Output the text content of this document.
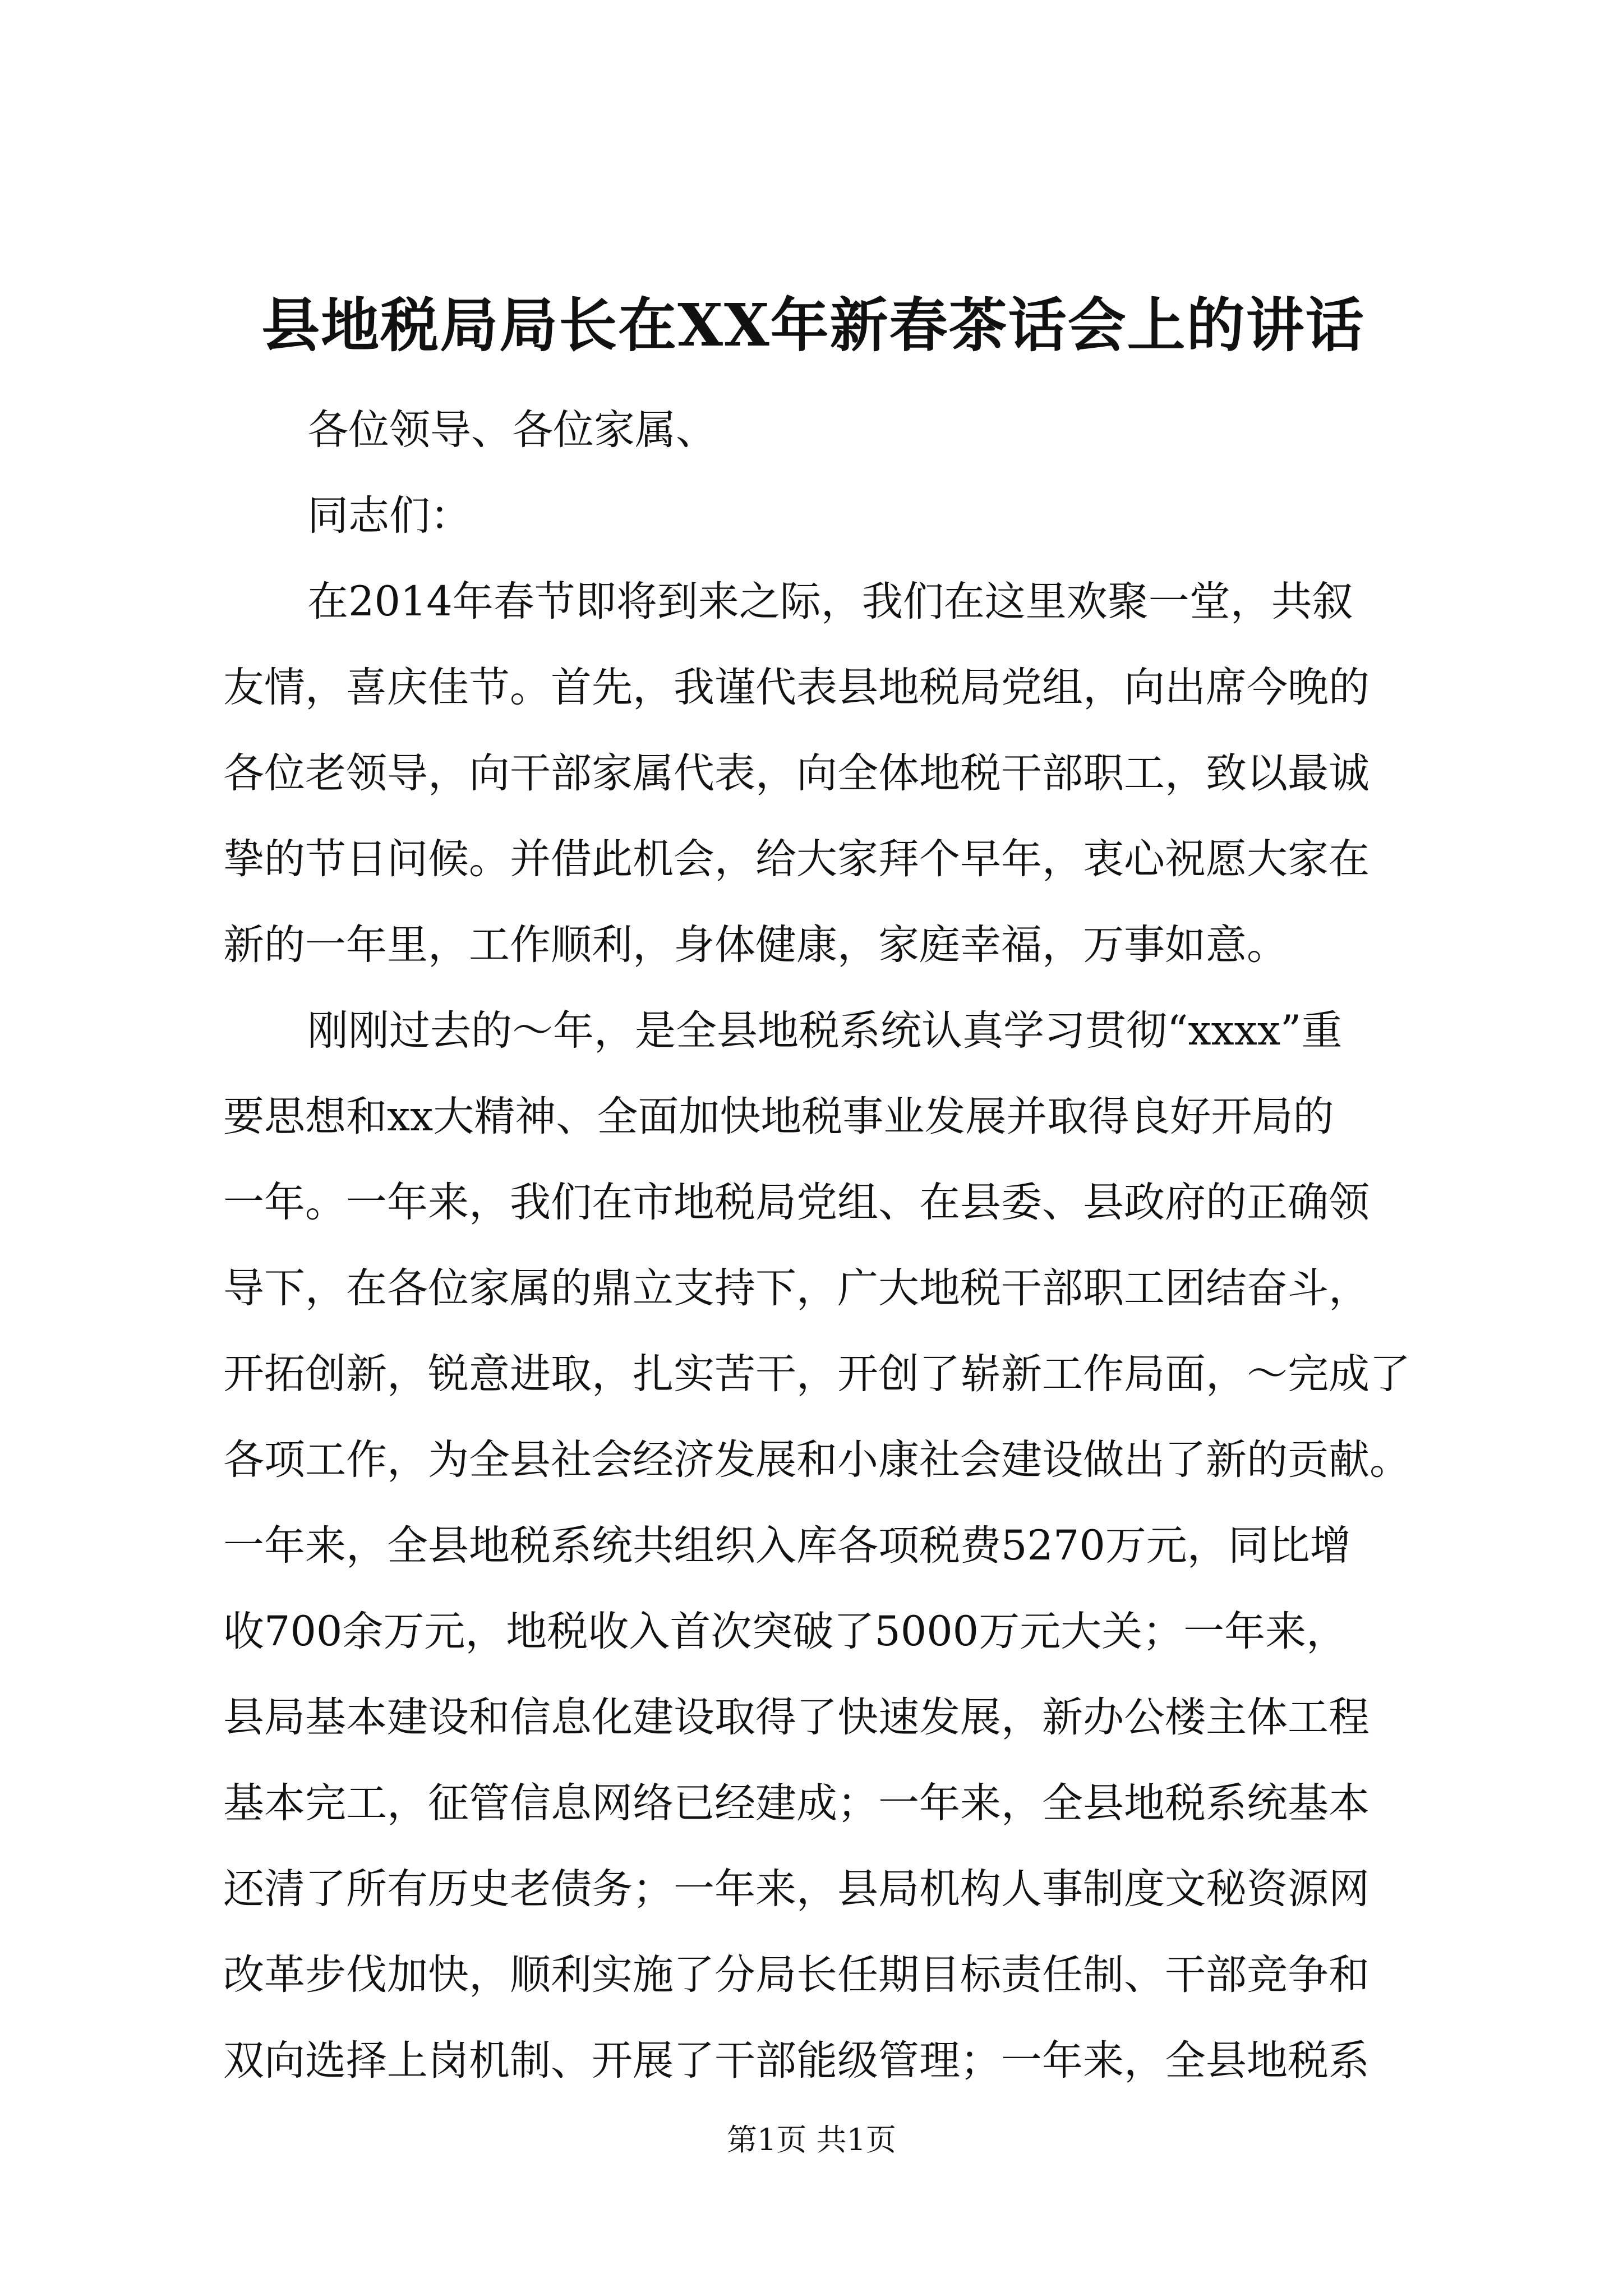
县地税局局长在XX年新春茶话会上的讲话
各位领导、各位家属、
同志们：
在2014年春节即将到来之际，我们在这里欢聚一堂，共叙
友情，喜庆佳节。首先，我谨代表县地税局党组，向出席今晚的
各位老领导，向干部家属代表，向全体地税干部职工，致以最诚
挚的节日问候。并借此机会，给大家拜个早年，衷心祝愿大家在
新的一年里，工作顺利，身体健康，家庭幸福，万事如意。
刚刚过去的～年，是全县地税系统认真学习贯彻“xxxx”重
要思想和xx大精神、全面加快地税事业发展并取得良好开局的
一年。一年来，我们在市地税局党组、在县委、县政府的正确领
导下，在各位家属的鼎立支持下，广大地税干部职工团结奋斗，
开拓创新，锐意进取，扎实苦干，开创了崭新工作局面，～完成了
各项工作，为全县社会经济发展和小康社会建设做出了新的贡献。
一年来，全县地税系统共组织入库各项税费5270万元，同比增
收700余万元，地税收入首次突破了5000万元大关；一年来，
县局基本建设和信息化建设取得了快速发展，新办公楼主体工程
基本完工，征管信息网络已经建成；一年来，全县地税系统基本
还清了所有历史老债务；一年来，县局机构人事制度文秘资源网
改革步伐加快，顺利实施了分局长任期目标责任制、干部竞争和
双向选择上岗机制、开展了干部能级管理；一年来，全县地税系
第1页 共1页
